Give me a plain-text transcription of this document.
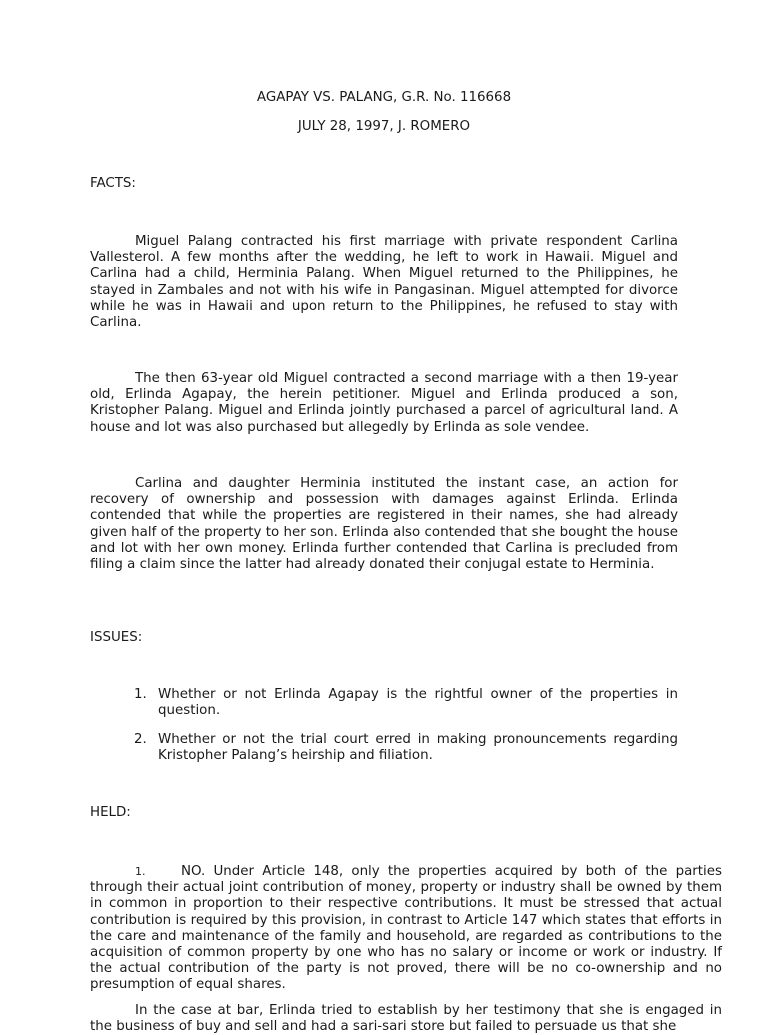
AGAPAY VS. PALANG, G.R. No. 116668
JULY 28, 1997, J. ROMERO
FACTS:

Miguel Palang contracted his first marriage with private respondent Carlina Vallesterol. A few months after the wedding, he left to work in Hawaii. Miguel and Carlina had a child, Herminia Palang. When Miguel returned to the Philippines, he stayed in Zambales and not with his wife in Pangasinan. Miguel attempted for divorce while he was in Hawaii and upon return to the Philippines, he refused to stay with Carlina.

The then 63-year old Miguel contracted a second marriage with a then 19-year old, Erlinda Agapay, the herein petitioner. Miguel and Erlinda produced a son, Kristopher Palang. Miguel and Erlinda jointly purchased a parcel of agricultural land. A house and lot was also purchased but allegedly by Erlinda as sole vendee.

Carlina and daughter Herminia instituted the instant case, an action for recovery of ownership and possession with damages against Erlinda. Erlinda contended that while the properties are registered in their names, she had already given half of the property to her son. Erlinda also contended that she bought the house and lot with her own money. Erlinda further contended that Carlina is precluded from filing a claim since the latter had already donated their conjugal estate to Herminia.

ISSUES:
1. Whether or not Erlinda Agapay is the rightful owner of the properties in question.
2. Whether or not the trial court erred in making pronouncements regarding Kristopher Palang’s heirship and filiation.
HELD:

1.	NO. Under Article 148, only the properties acquired by both of the parties through their actual joint contribution of money, property or industry shall be owned by them in common in proportion to their respective contributions. It must be stressed that actual contribution is required by this provision, in contrast to Article 147 which states that efforts in the care and maintenance of the family and household, are regarded as contributions to the acquisition of common property by one who has no salary or income or work or industry. If the actual contribution of the party is not proved, there will be no co-ownership and no presumption of equal shares.

In the case at bar, Erlinda tried to establish by her testimony that she is engaged in the business of buy and sell and had a sari-sari store but failed to persuade us that she
